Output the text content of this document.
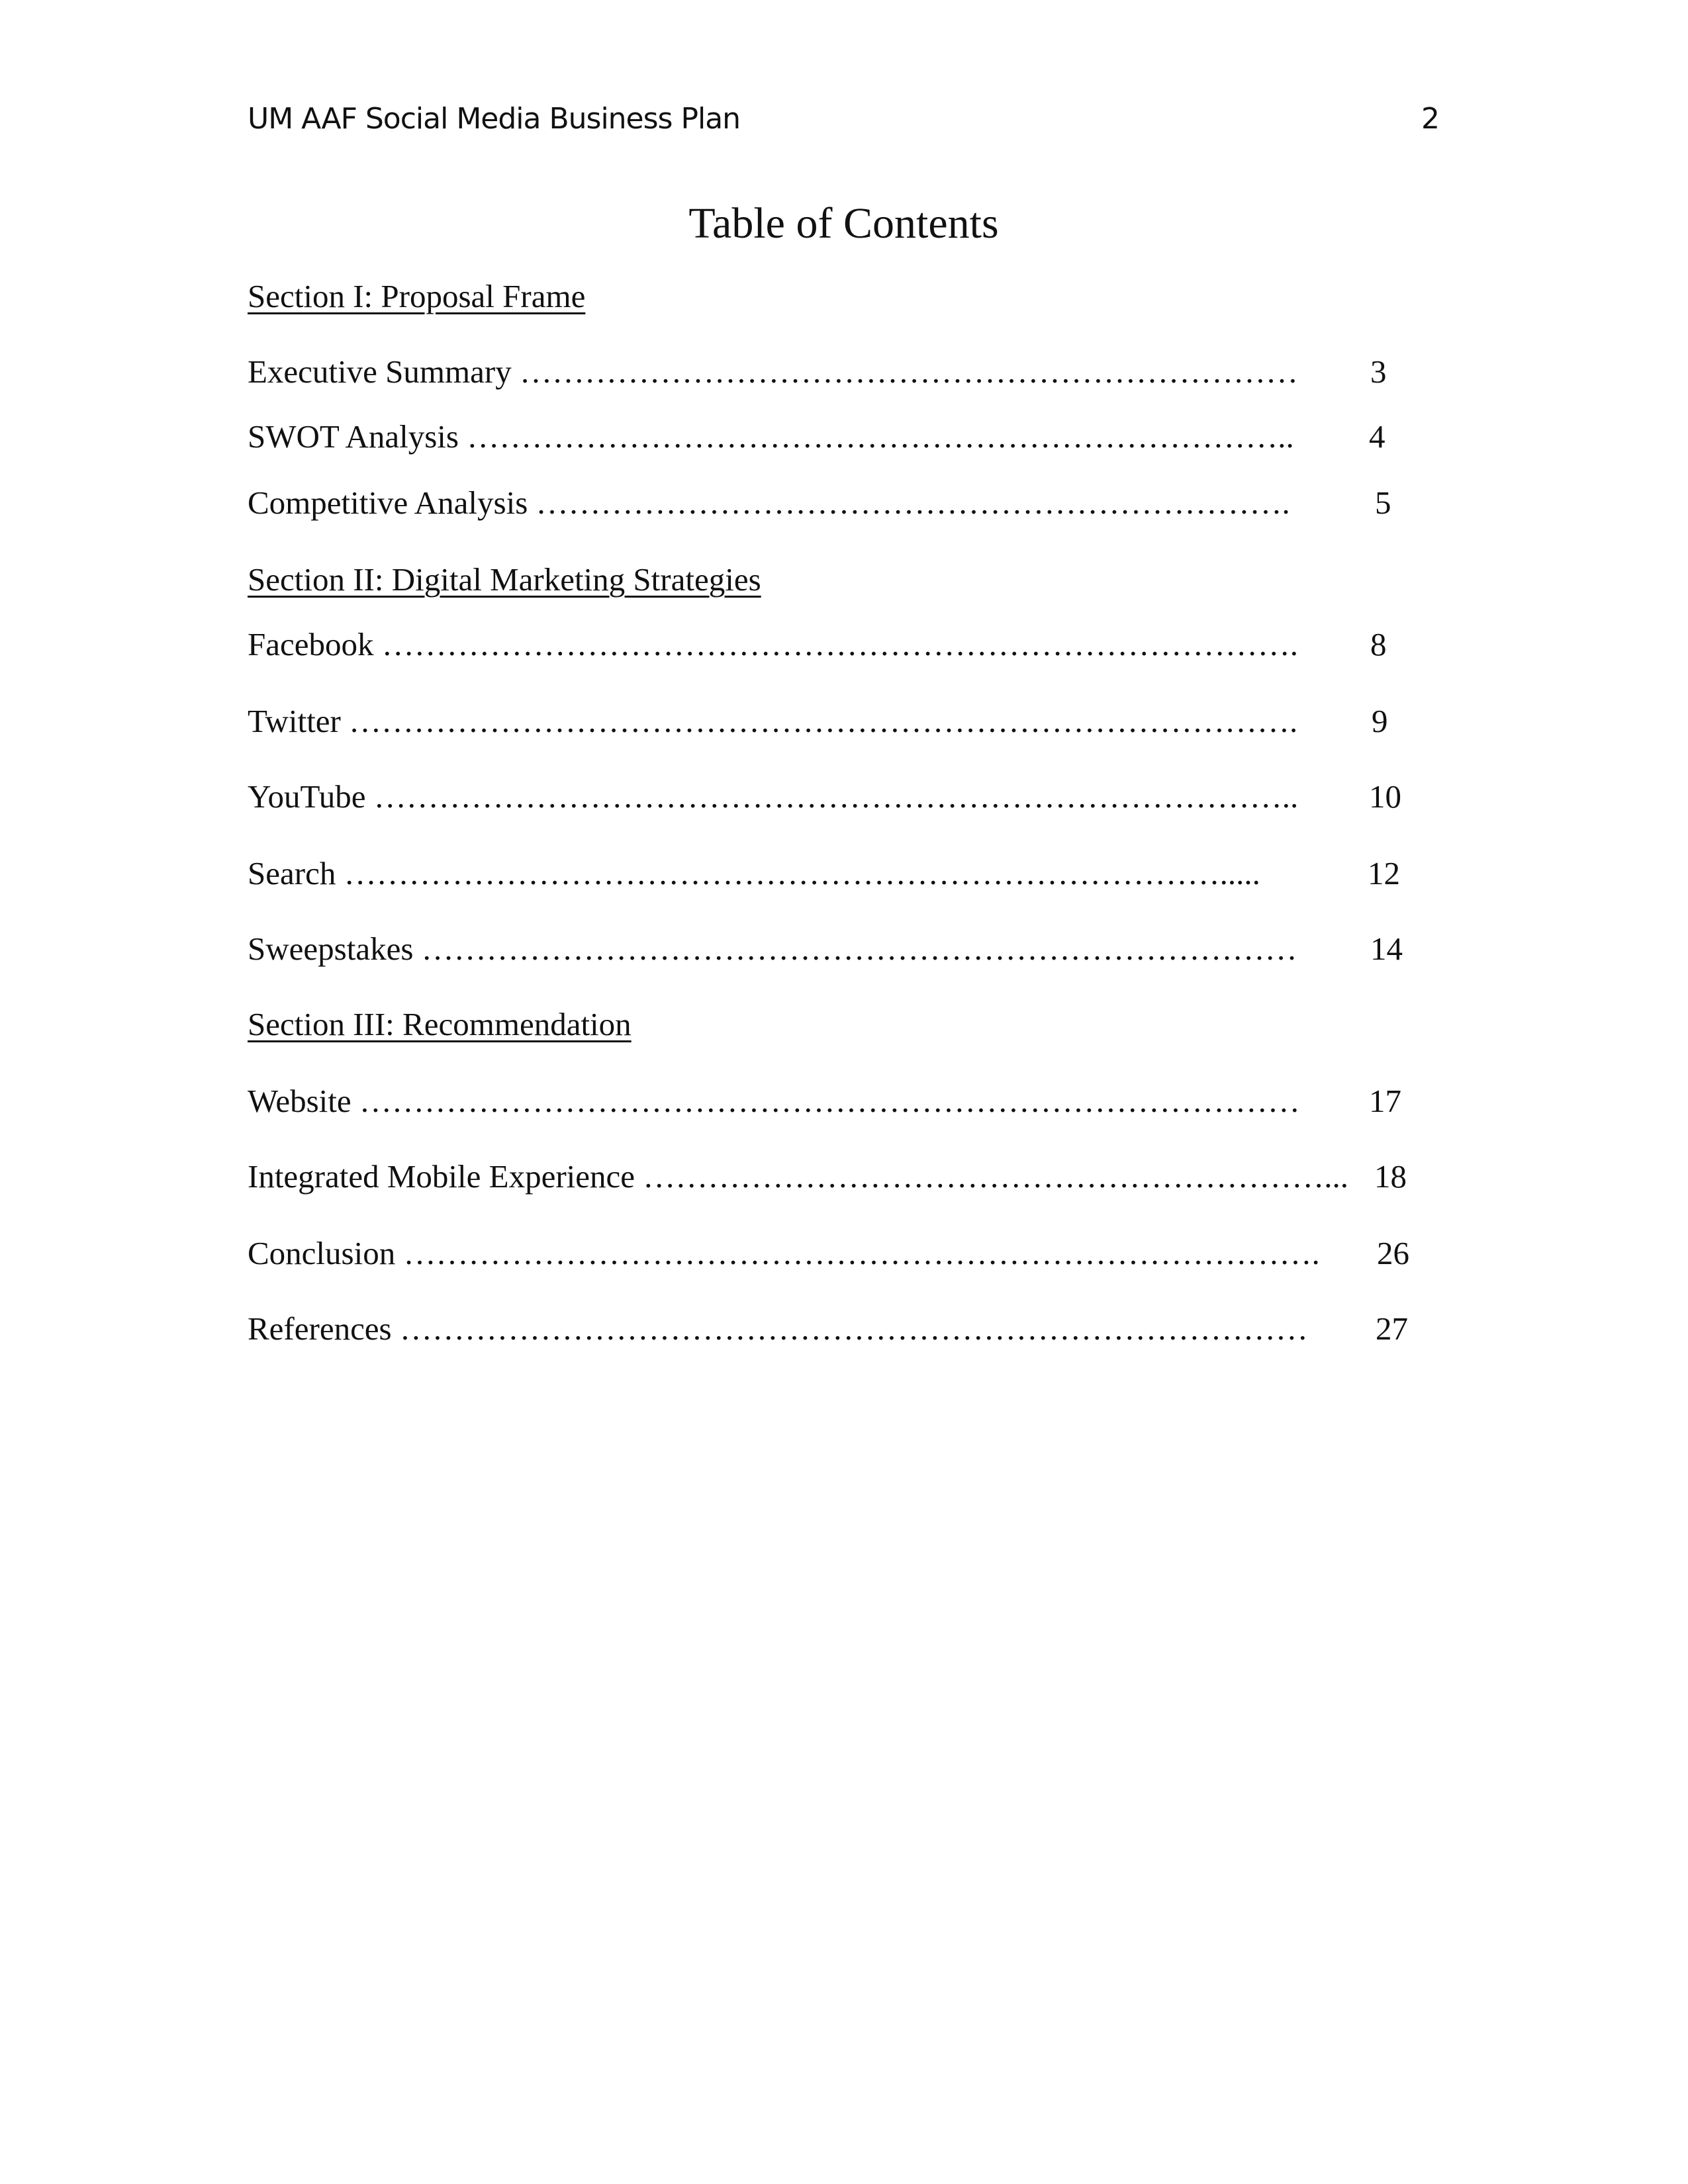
UM AAF Social Media Business Plan	2
Table of Contents
Section I: Proposal Frame
Executive Summary ……………………………………………………………… 3
SWOT Analysis ………………………………………………………………….. 4
Competitive Analysis …………………………………………………………….	5
Section II: Digital Marketing Strategies
Facebook …………………………………………………………………………. 8
Twitter ……………………………………………………………………………. 9
YouTube ………………………………………………………………………….. 10
Search ……………………………………………………………………….....	12
Sweepstakes ……………………………………………………………………… 14
Section III: Recommendation
Website …………………………………………………………………………… 17
Integrated Mobile Experience ………………………………………………………... 18
Conclusion …………………………………………………………………………. 26
References ………………………………………………………………………… 27
